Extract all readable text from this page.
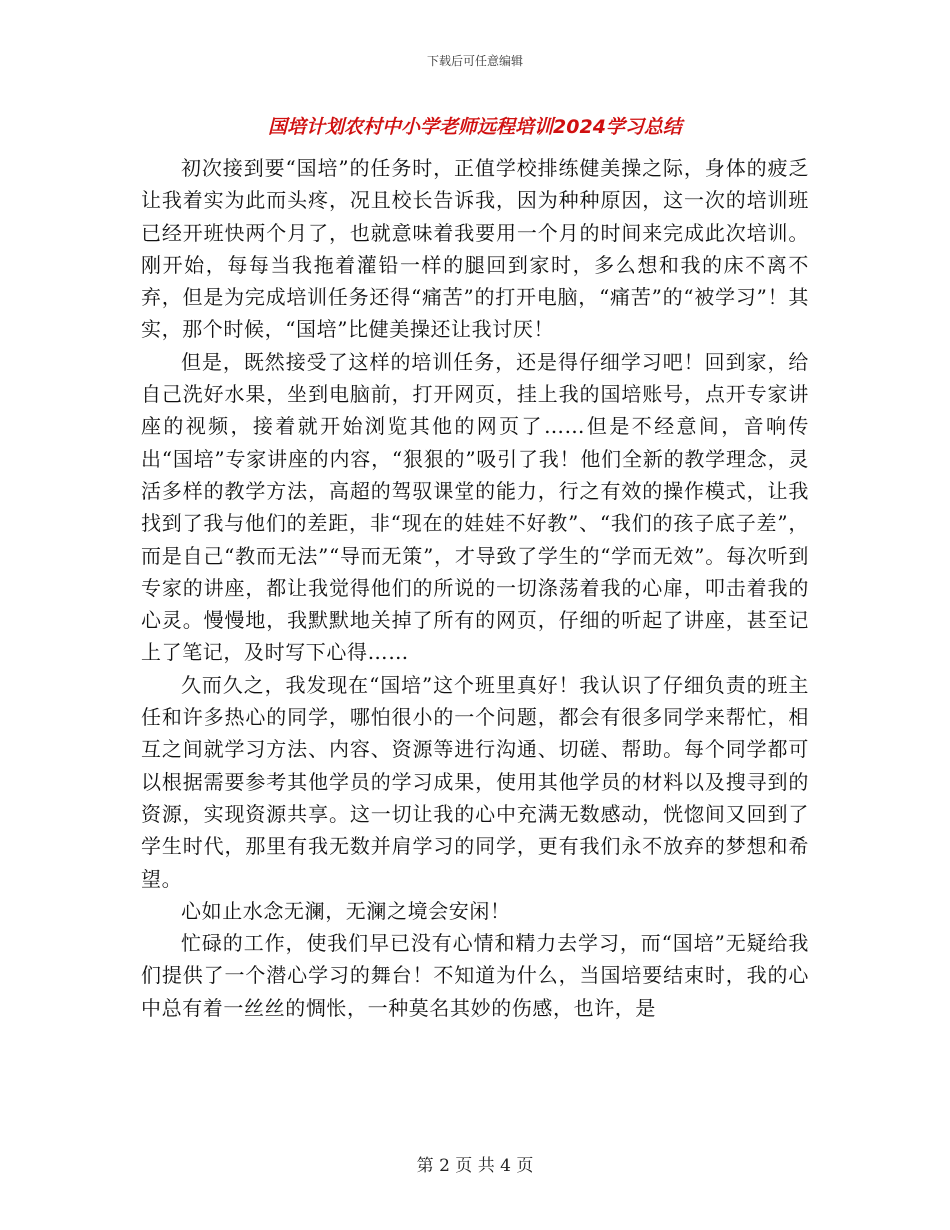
下载后可任意编辑
国培计划农村中小学老师远程培训2024学习总结

初次接到要“国培”的任务时，正值学校排练健美操之际，身体的疲乏让我着实为此而头疼，况且校长告诉我，因为种种原因，这一次的培训班已经开班快两个月了，也就意味着我要用一个月的时间来完成此次培训。刚开始，每每当我拖着灌铅一样的腿回到家时，多么想和我的床不离不弃，但是为完成培训任务还得“痛苦”的打开电脑，“痛苦”的“被学习”！其实，那个时候，“国培”比健美操还让我讨厌！

但是，既然接受了这样的培训任务，还是得仔细学习吧！回到家，给自己洗好水果，坐到电脑前，打开网页，挂上我的国培账号，点开专家讲座的视频，接着就开始浏览其他的网页了……但是不经意间，音响传出“国培”专家讲座的内容，“狠狠的”吸引了我！他们全新的教学理念，灵活多样的教学方法，高超的驾驭课堂的能力，行之有效的操作模式，让我找到了我与他们的差距，非“现在的娃娃不好教”、“我们的孩子底子差”，而是自己“教而无法”“导而无策”，才导致了学生的“学而无效”。每次听到专家的讲座，都让我觉得他们的所说的一切涤荡着我的心扉，叩击着我的心灵。慢慢地，我默默地关掉了所有的网页，仔细的听起了讲座，甚至记上了笔记，及时写下心得……

久而久之，我发现在“国培”这个班里真好！我认识了仔细负责的班主任和许多热心的同学，哪怕很小的一个问题，都会有很多同学来帮忙，相互之间就学习方法、内容、资源等进行沟通、切磋、帮助。每个同学都可以根据需要参考其他学员的学习成果，使用其他学员的材料以及搜寻到的资源，实现资源共享。这一切让我的心中充满无数感动，恍惚间又回到了学生时代，那里有我无数并肩学习的同学，更有我们永不放弃的梦想和希望。

心如止水念无澜，无澜之境会安闲！

忙碌的工作，使我们早已没有心情和精力去学习，而“国培”无疑给我们提供了一个潜心学习的舞台！不知道为什么，当国培要结束时，我的心中总有着一丝丝的惆怅，一种莫名其妙的伤感，也许，是

第 2 页 共 4 页
